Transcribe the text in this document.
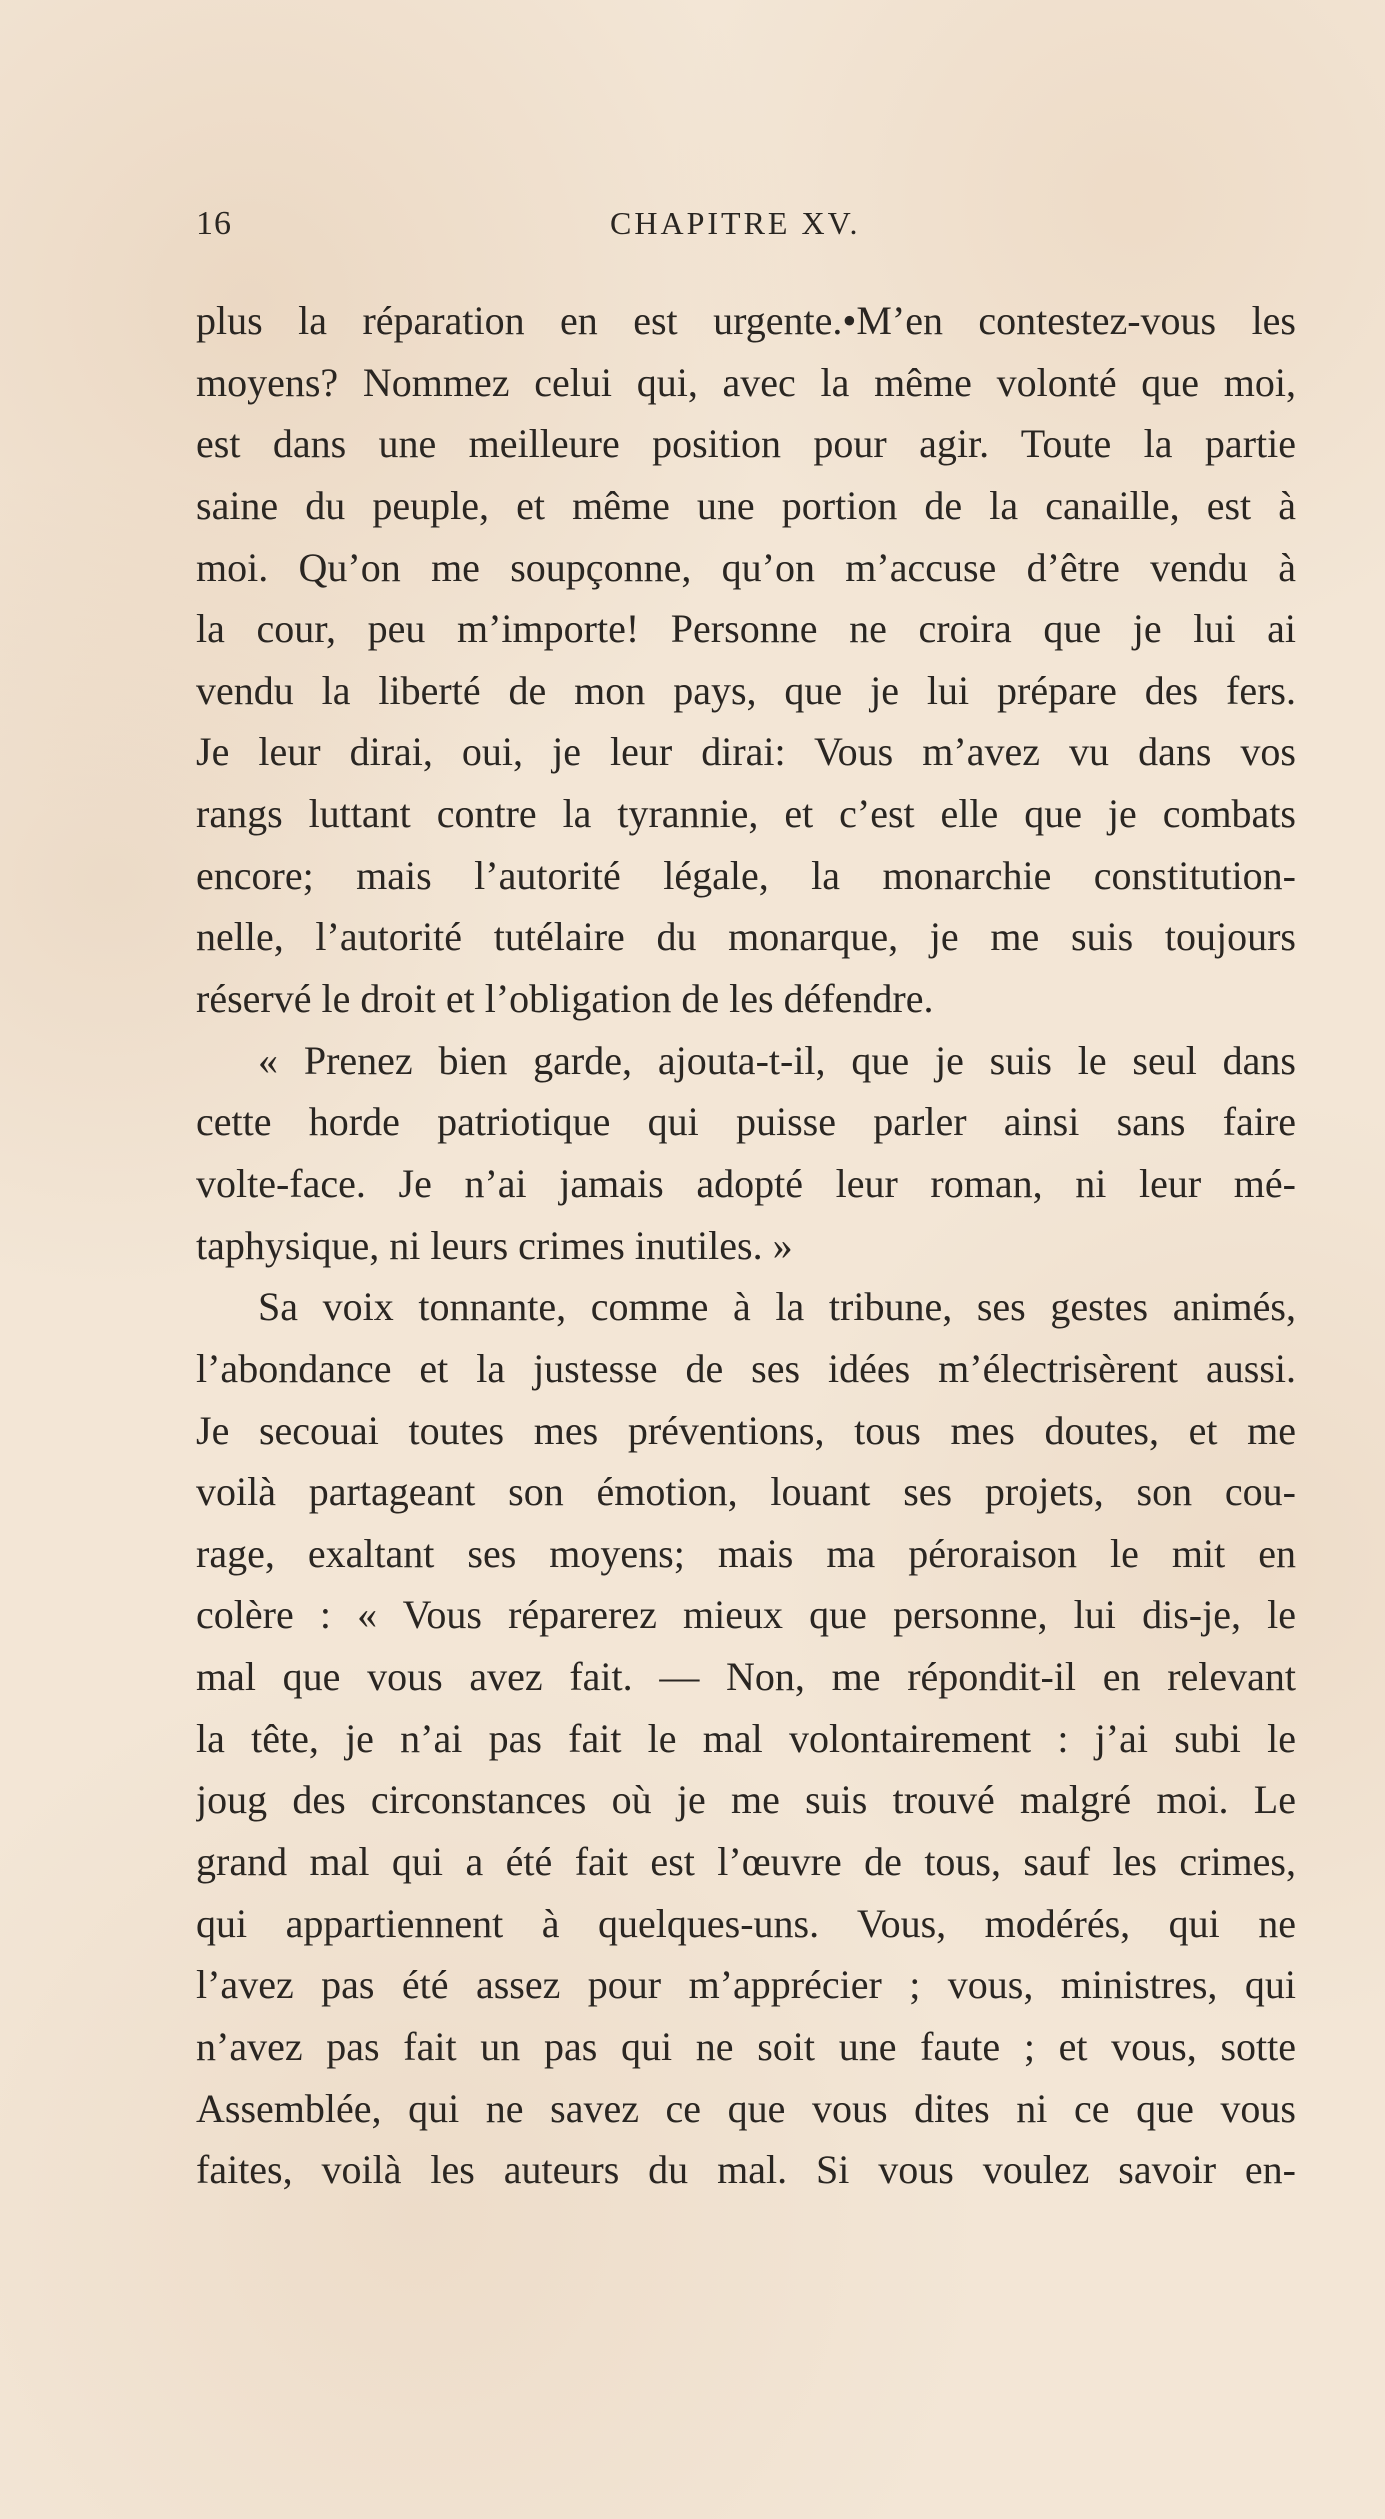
16	CHAPITRE XV.
plus la réparation en est urgente.•M’en contestez-vous les
moyens? Nommez celui qui, avec la même volonté que moi,
est dans une meilleure position pour agir. Toute la partie
saine du peuple, et même une portion de la canaille, est à
moi. Qu’on me soupçonne, qu’on m’accuse d’être vendu à
la cour, peu m’importe! Personne ne croira que je lui ai
vendu la liberté de mon pays, que je lui prépare des fers.
Je leur dirai, oui, je leur dirai: Vous m’avez vu dans vos
rangs luttant contre la tyrannie, et c’est elle que je combats
encore; mais l’autorité légale, la monarchie constitution-
nelle, l’autorité tutélaire du monarque, je me suis toujours
réservé le droit et l’obligation de les défendre.
« Prenez bien garde, ajouta-t-il, que je suis le seul dans
cette horde patriotique qui puisse parler ainsi sans faire
volte-face. Je n’ai jamais adopté leur roman, ni leur mé-
taphysique, ni leurs crimes inutiles. »
Sa voix tonnante, comme à la tribune, ses gestes animés,
l’abondance et la justesse de ses idées m’électrisèrent aussi.
Je secouai toutes mes préventions, tous mes doutes, et me
voilà partageant son émotion, louant ses projets, son cou-
rage, exaltant ses moyens; mais ma péroraison le mit en
colère : « Vous réparerez mieux que personne, lui dis-je, le
mal que vous avez fait. — Non, me répondit-il en relevant
la tête, je n’ai pas fait le mal volontairement : j’ai subi le
joug des circonstances où je me suis trouvé malgré moi. Le
grand mal qui a été fait est l’œuvre de tous, sauf les crimes,
qui appartiennent à quelques-uns. Vous, modérés, qui ne
l’avez pas été assez pour m’apprécier ; vous, ministres, qui
n’avez pas fait un pas qui ne soit une faute ; et vous, sotte
Assemblée, qui ne savez ce que vous dites ni ce que vous
faites, voilà les auteurs du mal. Si vous voulez savoir en-
